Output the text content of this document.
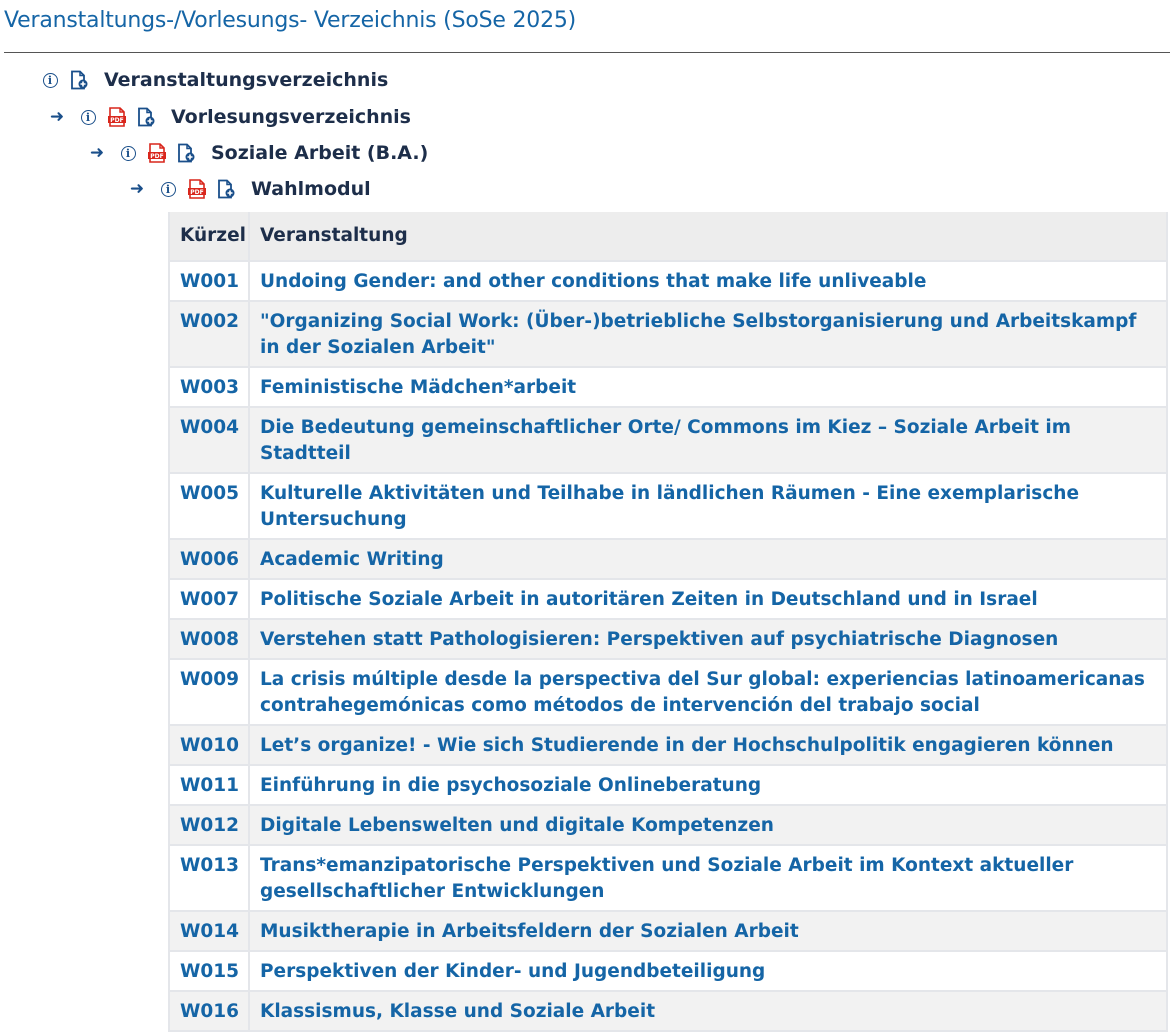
Veranstaltungs-/Vorlesungs- Verzeichnis (SoSe 2025)
i	Veranstaltungsverzeichnis
➜	i	PDF Vorlesungsverzeichnis
➜	i	PDF Soziale Arbeit (B.A.)
➜	i	PDF Wahlmodul
Kürzel	Veranstaltung
W001	Undoing Gender: and other conditions that make life unliveable
W002	"Organizing Social Work: (Über-)betriebliche Selbstorganisierung und Arbeitskampf in der Sozialen Arbeit"
W003	Feministische Mädchen*arbeit
W004	Die Bedeutung gemeinschaftlicher Orte/ Commons im Kiez – Soziale Arbeit im Stadtteil
W005	Kulturelle Aktivitäten und Teilhabe in ländlichen Räumen - Eine exemplarische Untersuchung
W006	Academic Writing
W007	Politische Soziale Arbeit in autoritären Zeiten in Deutschland und in Israel
W008	Verstehen statt Pathologisieren: Perspektiven auf psychiatrische Diagnosen
W009	La crisis múltiple desde la perspectiva del Sur global: experiencias latinoamericanas contrahegemónicas como métodos de intervención del trabajo social
W010	Let’s organize! - Wie sich Studierende in der Hochschulpolitik engagieren können
W011	Einführung in die psychosoziale Onlineberatung
W012	Digitale Lebenswelten und digitale Kompetenzen
W013	Trans*emanzipatorische Perspektiven und Soziale Arbeit im Kontext aktueller gesellschaftlicher Entwicklungen
W014	Musiktherapie in Arbeitsfeldern der Sozialen Arbeit
W015	Perspektiven der Kinder- und Jugendbeteiligung
W016	Klassismus, Klasse und Soziale Arbeit
